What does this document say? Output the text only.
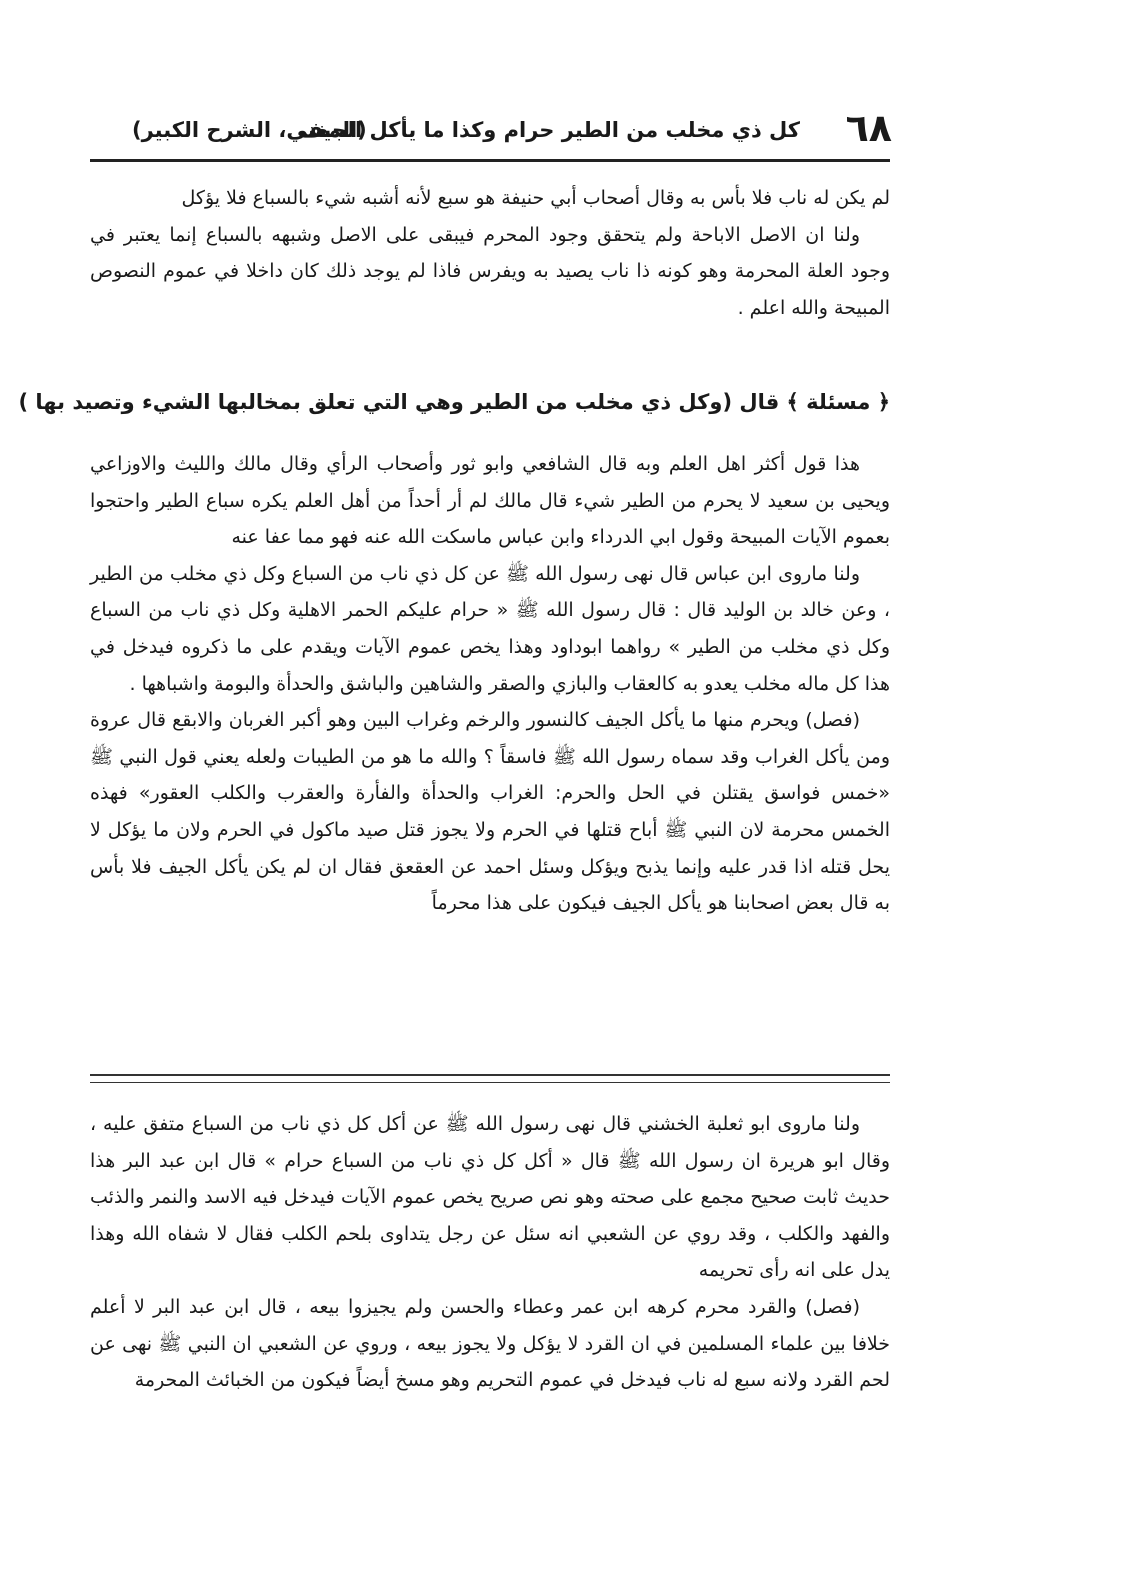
٦٨
كل ذي مخلب من الطير حرام وكذا ما يأكل الجيف
(المغني، الشرح الكبير)

لم يكن له ناب فلا بأس به وقال أصحاب أبي حنيفة هو سبع لأنه أشبه شيء بالسباع فلا يؤكل

ولنا ان الاصل الاباحة ولم يتحقق وجود المحرم فيبقى على الاصل وشبهه بالسباع إنما يعتبر في وجود العلة المحرمة وهو كونه ذا ناب يصيد به ويفرس فاذا لم يوجد ذلك كان داخلا في عموم النصوص المبيحة والله اعلم .

﴿ مسئلة ﴾ قال (وكل ذي مخلب من الطير وهي التي تعلق بمخالبها الشيء وتصيد بها )

هذا قول أكثر اهل العلم وبه قال الشافعي وابو ثور وأصحاب الرأي وقال مالك والليث والاوزاعي ويحيى بن سعيد لا يحرم من الطير شيء قال مالك لم أر أحداً من أهل العلم يكره سباع الطير واحتجوا بعموم الآيات المبيحة وقول ابي الدرداء وابن عباس ماسكت الله عنه فهو مما عفا عنه

ولنا ماروى ابن عباس قال نهى رسول الله ﷺ عن كل ذي ناب من السباع وكل ذي مخلب من الطير ، وعن خالد بن الوليد قال : قال رسول الله ﷺ « حرام عليكم الحمر الاهلية وكل ذي ناب من السباع وكل ذي مخلب من الطير » رواهما ابوداود وهذا يخص عموم الآيات ويقدم على ما ذكروه فيدخل في هذا كل ماله مخلب يعدو به كالعقاب والبازي والصقر والشاهين والباشق والحدأة والبومة واشباهها .

(فصل) ويحرم منها ما يأكل الجيف كالنسور والرخم وغراب البين وهو أكبر الغربان والابقع قال عروة ومن يأكل الغراب وقد سماه رسول الله ﷺ فاسقاً ؟ والله ما هو من الطيبات ولعله يعني قول النبي ﷺ «خمس فواسق يقتلن في الحل والحرم: الغراب والحدأة والفأرة والعقرب والكلب العقور» فهذه الخمس محرمة لان النبي ﷺ أباح قتلها في الحرم ولا يجوز قتل صيد ماكول في الحرم ولان ما يؤكل لا يحل قتله اذا قدر عليه وإنما يذبح ويؤكل وسئل احمد عن العقعق فقال ان لم يكن يأكل الجيف فلا بأس به قال بعض اصحابنا هو يأكل الجيف فيكون على هذا محرماً

ولنا ماروى ابو ثعلبة الخشني قال نهى رسول الله ﷺ عن أكل كل ذي ناب من السباع متفق عليه ، وقال ابو هريرة ان رسول الله ﷺ قال « أكل كل ذي ناب من السباع حرام » قال ابن عبد البر هذا حديث ثابت صحيح مجمع على صحته وهو نص صريح يخص عموم الآيات فيدخل فيه الاسد والنمر والذئب والفهد والكلب ، وقد روي عن الشعبي انه سئل عن رجل يتداوى بلحم الكلب فقال لا شفاه الله وهذا يدل على انه رأى تحريمه

(فصل) والقرد محرم كرهه ابن عمر وعطاء والحسن ولم يجيزوا بيعه ، قال ابن عبد البر لا أعلم خلافا بين علماء المسلمين في ان القرد لا يؤكل ولا يجوز بيعه ، وروي عن الشعبي ان النبي ﷺ نهى عن لحم القرد ولانه سبع له ناب فيدخل في عموم التحريم وهو مسخ أيضاً فيكون من الخبائث المحرمة
